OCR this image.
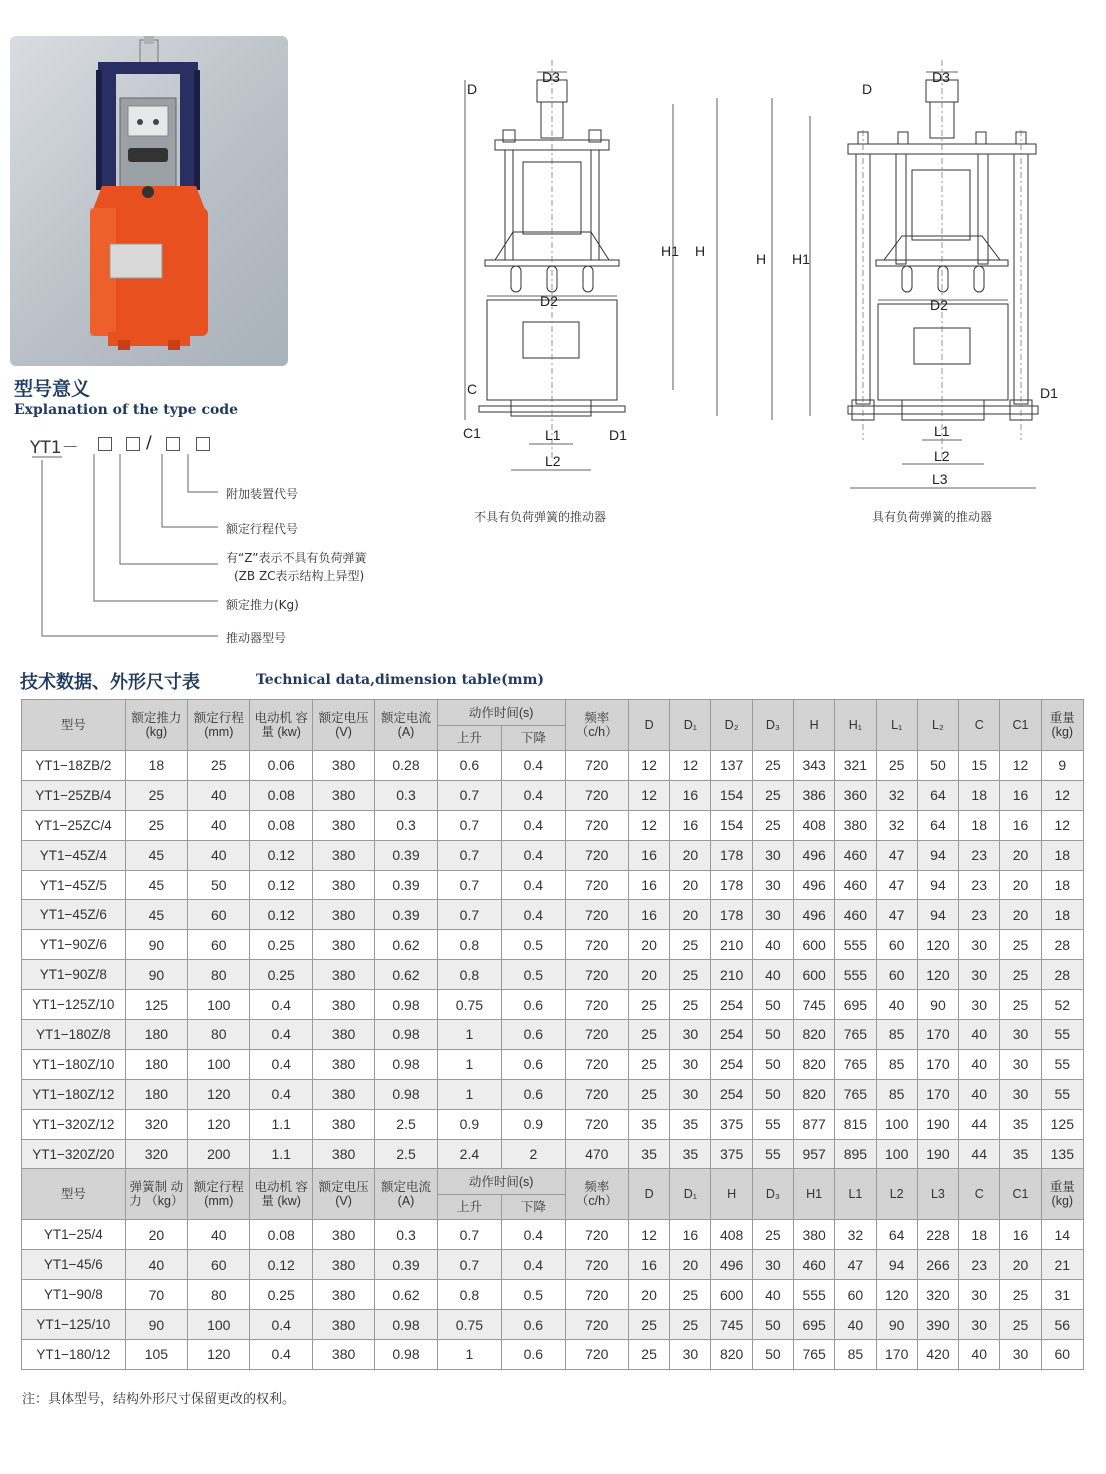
型号意义
Explanation of the type code
YT1－	/
附加装置代号
额定行程代号
有“Z”表示不具有负荷弹簧
(ZB ZC表示结构上异型)
额定推力(Kg)
推动器型号
D3
D2
L1
L2
H1 H
D
C
C1	D1
不具有负荷弹簧的推动器
D3
D2
L1
L2
L3
H H1
D
D1
具有负荷弹簧的推动器
技术数据、外形尺寸表	Technical data,dimension table(mm)
型号	额定推力 (kg)	额定行程 (mm)	电动机 容量 (kw)	额定电压 (V)	额定电流 (A)	动作时间(s)		频率 （c/h）	D	D₁	D₂	D₃	H	H₁	L₁	L₂	C	C1	重量 (kg)
						上升	下降												
YT1−18ZB/2	18	25	0.06	380	0.28	0.6	0.4	720	12	12	137	25	343	321	25	50	15	12	9
YT1−25ZB/4	25	40	0.08	380	0.3	0.7	0.4	720	12	16	154	25	386	360	32	64	18	16	12
YT1−25ZC/4	25	40	0.08	380	0.3	0.7	0.4	720	12	16	154	25	408	380	32	64	18	16	12
YT1−45Z/4	45	40	0.12	380	0.39	0.7	0.4	720	16	20	178	30	496	460	47	94	23	20	18
YT1−45Z/5	45	50	0.12	380	0.39	0.7	0.4	720	16	20	178	30	496	460	47	94	23	20	18
YT1−45Z/6	45	60	0.12	380	0.39	0.7	0.4	720	16	20	178	30	496	460	47	94	23	20	18
YT1−90Z/6	90	60	0.25	380	0.62	0.8	0.5	720	20	25	210	40	600	555	60	120	30	25	28
YT1−90Z/8	90	80	0.25	380	0.62	0.8	0.5	720	20	25	210	40	600	555	60	120	30	25	28
YT1−125Z/10	125	100	0.4	380	0.98	0.75	0.6	720	25	25	254	50	745	695	40	90	30	25	52
YT1−180Z/8	180	80	0.4	380	0.98	1	0.6	720	25	30	254	50	820	765	85	170	40	30	55
YT1−180Z/10	180	100	0.4	380	0.98	1	0.6	720	25	30	254	50	820	765	85	170	40	30	55
YT1−180Z/12	180	120	0.4	380	0.98	1	0.6	720	25	30	254	50	820	765	85	170	40	30	55
YT1−320Z/12	320	120	1.1	380	2.5	0.9	0.9	720	35	35	375	55	877	815	100	190	44	35	125
YT1−320Z/20	320	200	1.1	380	2.5	2.4	2	470	35	35	375	55	957	895	100	190	44	35	135
型号	弹簧制 动力 （kg）	额定行程 (mm)	电动机 容量 (kw)	额定电压 (V)	额定电流 (A)	动作时间(s)		频率 （c/h）	D	D₁	H	D₃	H1	L1	L2	L3	C	C1	重量 (kg)
						上升	下降												
YT1−25/4	20	40	0.08	380	0.3	0.7	0.4	720	12	16	408	25	380	32	64	228	18	16	14
YT1−45/6	40	60	0.12	380	0.39	0.7	0.4	720	16	20	496	30	460	47	94	266	23	20	21
YT1−90/8	70	80	0.25	380	0.62	0.8	0.5	720	20	25	600	40	555	60	120	320	30	25	31
YT1−125/10	90	100	0.4	380	0.98	0.75	0.6	720	25	25	745	50	695	40	90	390	30	25	56
YT1−180/12	105	120	0.4	380	0.98	1	0.6	720	25	30	820	50	765	85	170	420	40	30	60
注：具体型号，结构外形尺寸保留更改的权利。
